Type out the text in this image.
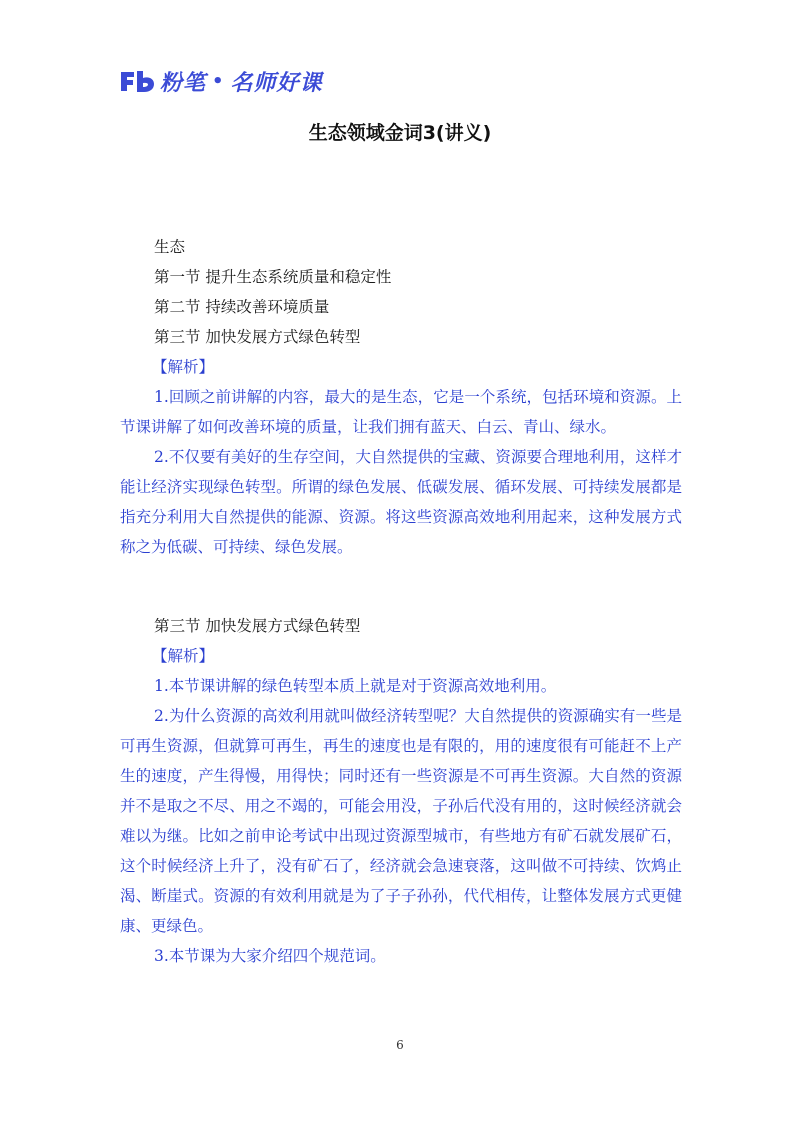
粉笔 • 名师好课
生态领域金词3(讲义)
生态
第一节 提升生态系统质量和稳定性
第二节 持续改善环境质量
第三节 加快发展方式绿色转型
【解析】
1.回顾之前讲解的内容，最大的是生态，它是一个系统，包括环境和资源。上节课讲解了如何改善环境的质量，让我们拥有蓝天、白云、青山、绿水。
2.不仅要有美好的生存空间，大自然提供的宝藏、资源要合理地利用，这样才能让经济实现绿色转型。所谓的绿色发展、低碳发展、循环发展、可持续发展都是指充分利用大自然提供的能源、资源。将这些资源高效地利用起来，这种发展方式称之为低碳、可持续、绿色发展。
第三节 加快发展方式绿色转型
【解析】
1.本节课讲解的绿色转型本质上就是对于资源高效地利用。
2.为什么资源的高效利用就叫做经济转型呢？大自然提供的资源确实有一些是可再生资源，但就算可再生，再生的速度也是有限的，用的速度很有可能赶不上产生的速度，产生得慢，用得快；同时还有一些资源是不可再生资源。大自然的资源并不是取之不尽、用之不竭的，可能会用没，子孙后代没有用的，这时候经济就会难以为继。比如之前申论考试中出现过资源型城市，有些地方有矿石就发展矿石，这个时候经济上升了，没有矿石了，经济就会急速衰落，这叫做不可持续、饮鸩止渴、断崖式。资源的有效利用就是为了子子孙孙，代代相传，让整体发展方式更健康、更绿色。
3.本节课为大家介绍四个规范词。
6
